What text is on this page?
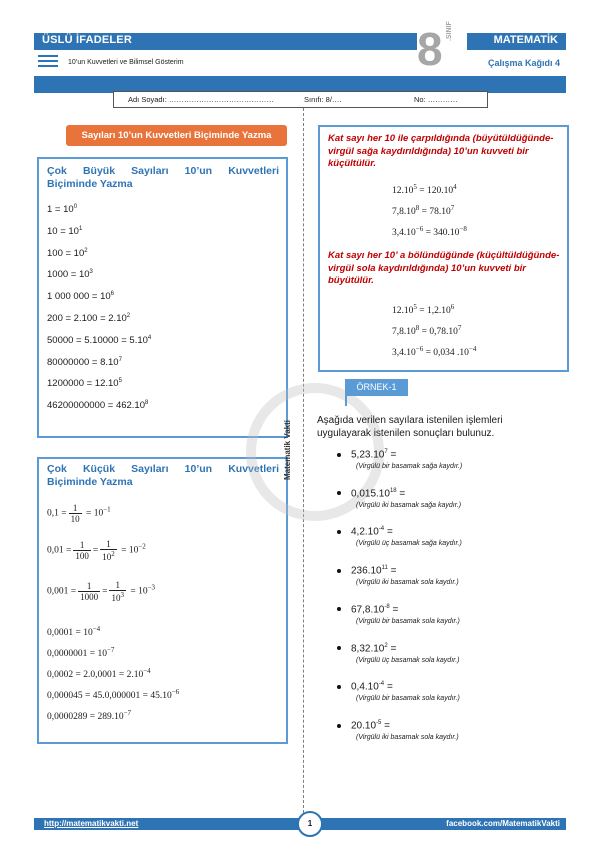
ÜSLÜ İFADELER	MATEMATİK
10’un Kuvvetleri ve Bilimsel Gösterim	Çalışma Kağıdı 4
8 .SINIF
Adı Soyadı: ……………………………………	Sınıfı: 8/….	No: …………
Sayıları 10’un Kuvvetleri Biçiminde Yazma
Çok Büyük Sayıları 10’un Kuvvetleri Biçiminde Yazma
$1 = 10^0$
$10 = 10^1$
$100 = 10^2$
$1000 = 10^3$
1 000 $000 = 10^6$
$200 = 2.100 = 2.10^2$
$50000 = 5.10000 = 5.10^4$
$80000000 = 8.10^7$
$1200000 = 12.10^5$
$46200000000 = 462.10^8$
Çok Küçük Sayıları 10’un Kuvvetleri Biçiminde Yazma
$0,1 = \frac{1}{10} = 10^{-1}$
$0,01 = \frac{1}{100} = \frac{1}{10^2} = 10^{-2}$
$0,001 = \frac{1}{1000} = \frac{1}{10^3} = 10^{-3}$
$0,0001 = 10^{-4}$
$0,0000001 = 10^{-7}$
$0,0002 = 2.0,0001 = 2.10^{-4}$
$0,000045 = 45.0,000001 = 45.10^{-6}$
$0,0000289 = 289.10^{-7}$
Kat sayı her 10 ile çarpıldığında (büyütüldüğünde-virgül sağa kaydırıldığında) 10’un kuvveti bir küçültülür.
$12.10^5 = 120.10^4$
$7,8.10^8 = 78.10^7$
$3,4.10^{-6} = 340.10^{-8}$
Kat sayı her 10’ a bölündüğünde (küçültüldüğünde-virgül sola kaydırıldığında) 10’un kuvveti bir büyütülür.
$12.10^5 = 1,2.10^6$
$7,8.10^8 = 0,78.10^7$
$3,4.10^{-6} = 0,034$ $.10^{-4}$
Matematik Vakti
ÖRNEK-1
Aşağıda verilen sayılara istenilen işlemleri uygulayarak istenilen sonuçları bulunuz.
$5,23.10^7$ =
(Virgülü bir basamak sağa kaydır.)
$0,015.10^{18}$ =
(Virgülü iki basamak sağa kaydır.)
$4,2.10^{-4}$ =
(Virgülü üç basamak sağa kaydır.)
$236.10^{11}$ =
(Virgülü iki basamak sola kaydır.)
$67,8.10^{-8}$ =
(Virgülü bir basamak sola kaydır.)
$8,32.10^2$ =
(Virgülü üç basamak sola kaydır.)
$0,4.10^{-4}$ =
(Virgülü bir basamak sola kaydır.)
$20.10^{-5}$ =
(Virgülü iki basamak sola kaydır.)
http://matematikvakti.net	facebook.com/MatematikVakti
1
